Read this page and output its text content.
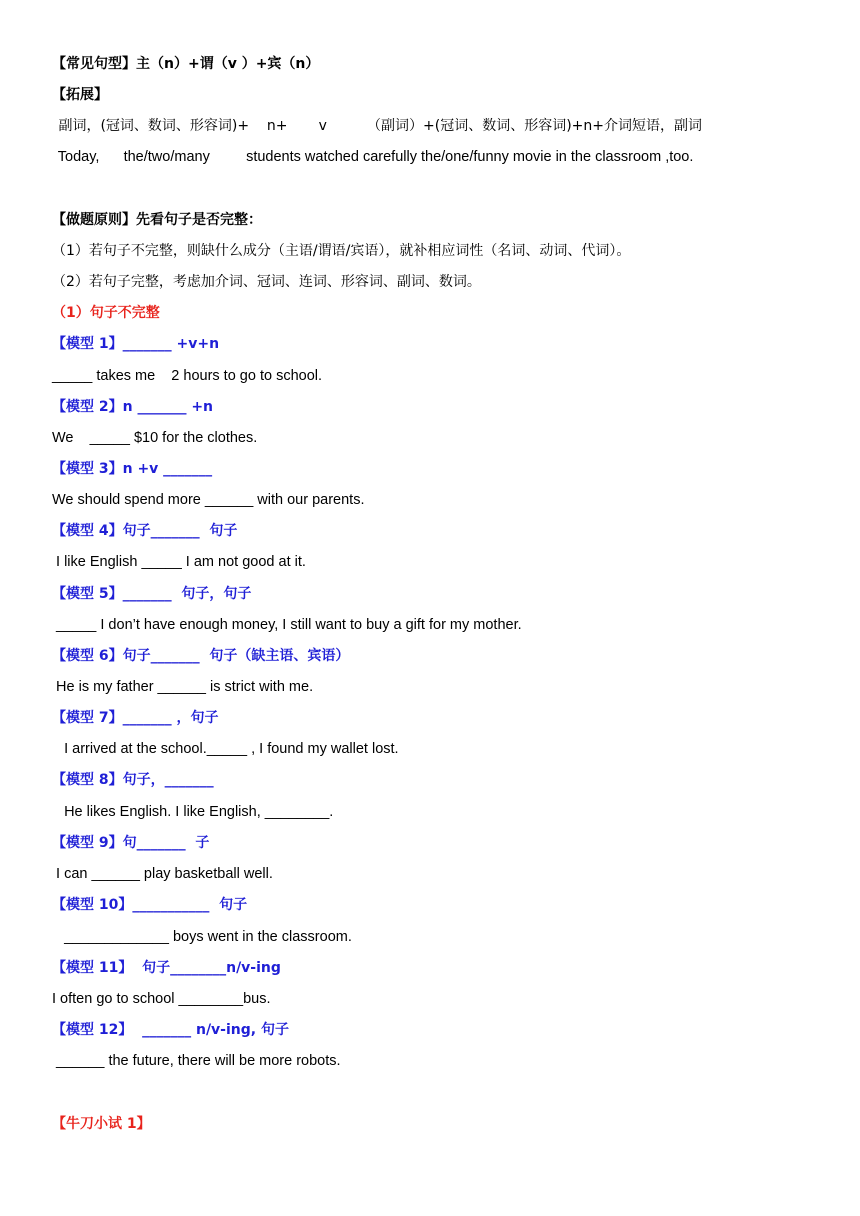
【常见句型】主（n）+谓（v ）+宾（n）
【拓展】
副词，(冠词、数词、形容词)+    n+       v         （副词）+(冠词、数词、形容词)+n+介词短语，副词
Today,      the/two/many         students watched carefully the/one/funny movie in the classroom ,too.
【做题原则】先看句子是否完整：
（1）若句子不完整，则缺什么成分（主语/谓语/宾语），就补相应词性（名词、动词、代词）。
（2）若句子完整，考虑加介词、冠词、连词、形容词、副词、数词。
（1）句子不完整
【模型 1】_______ +v+n
_____ takes me    2 hours to go to school.
【模型 2】n _______ +n
We    _____ $10 for the clothes.
【模型 3】n +v _______
We should spend more ______ with our parents.
【模型 4】句子_______  句子
I like English _____ I am not good at it.
【模型 5】_______  句子，句子
_____ I don’t have enough money, I still want to buy a gift for my mother.
【模型 6】句子_______  句子（缺主语、宾语）
He is my father ______ is strict with me.
【模型 7】_______ ，句子
I arrived at the school._____ , I found my wallet lost.
【模型 8】句子，_______
He likes English. I like English, ________.
【模型 9】句_______  子
I can ______ play basketball well.
【模型 10】___________  句子
_____________ boys went in the classroom.
【模型 11】  句子________n/v-ing
I often go to school ________bus.
【模型 12】  _______ n/v-ing, 句子
______ the future, there will be more robots.
【牛刀小试 1】
